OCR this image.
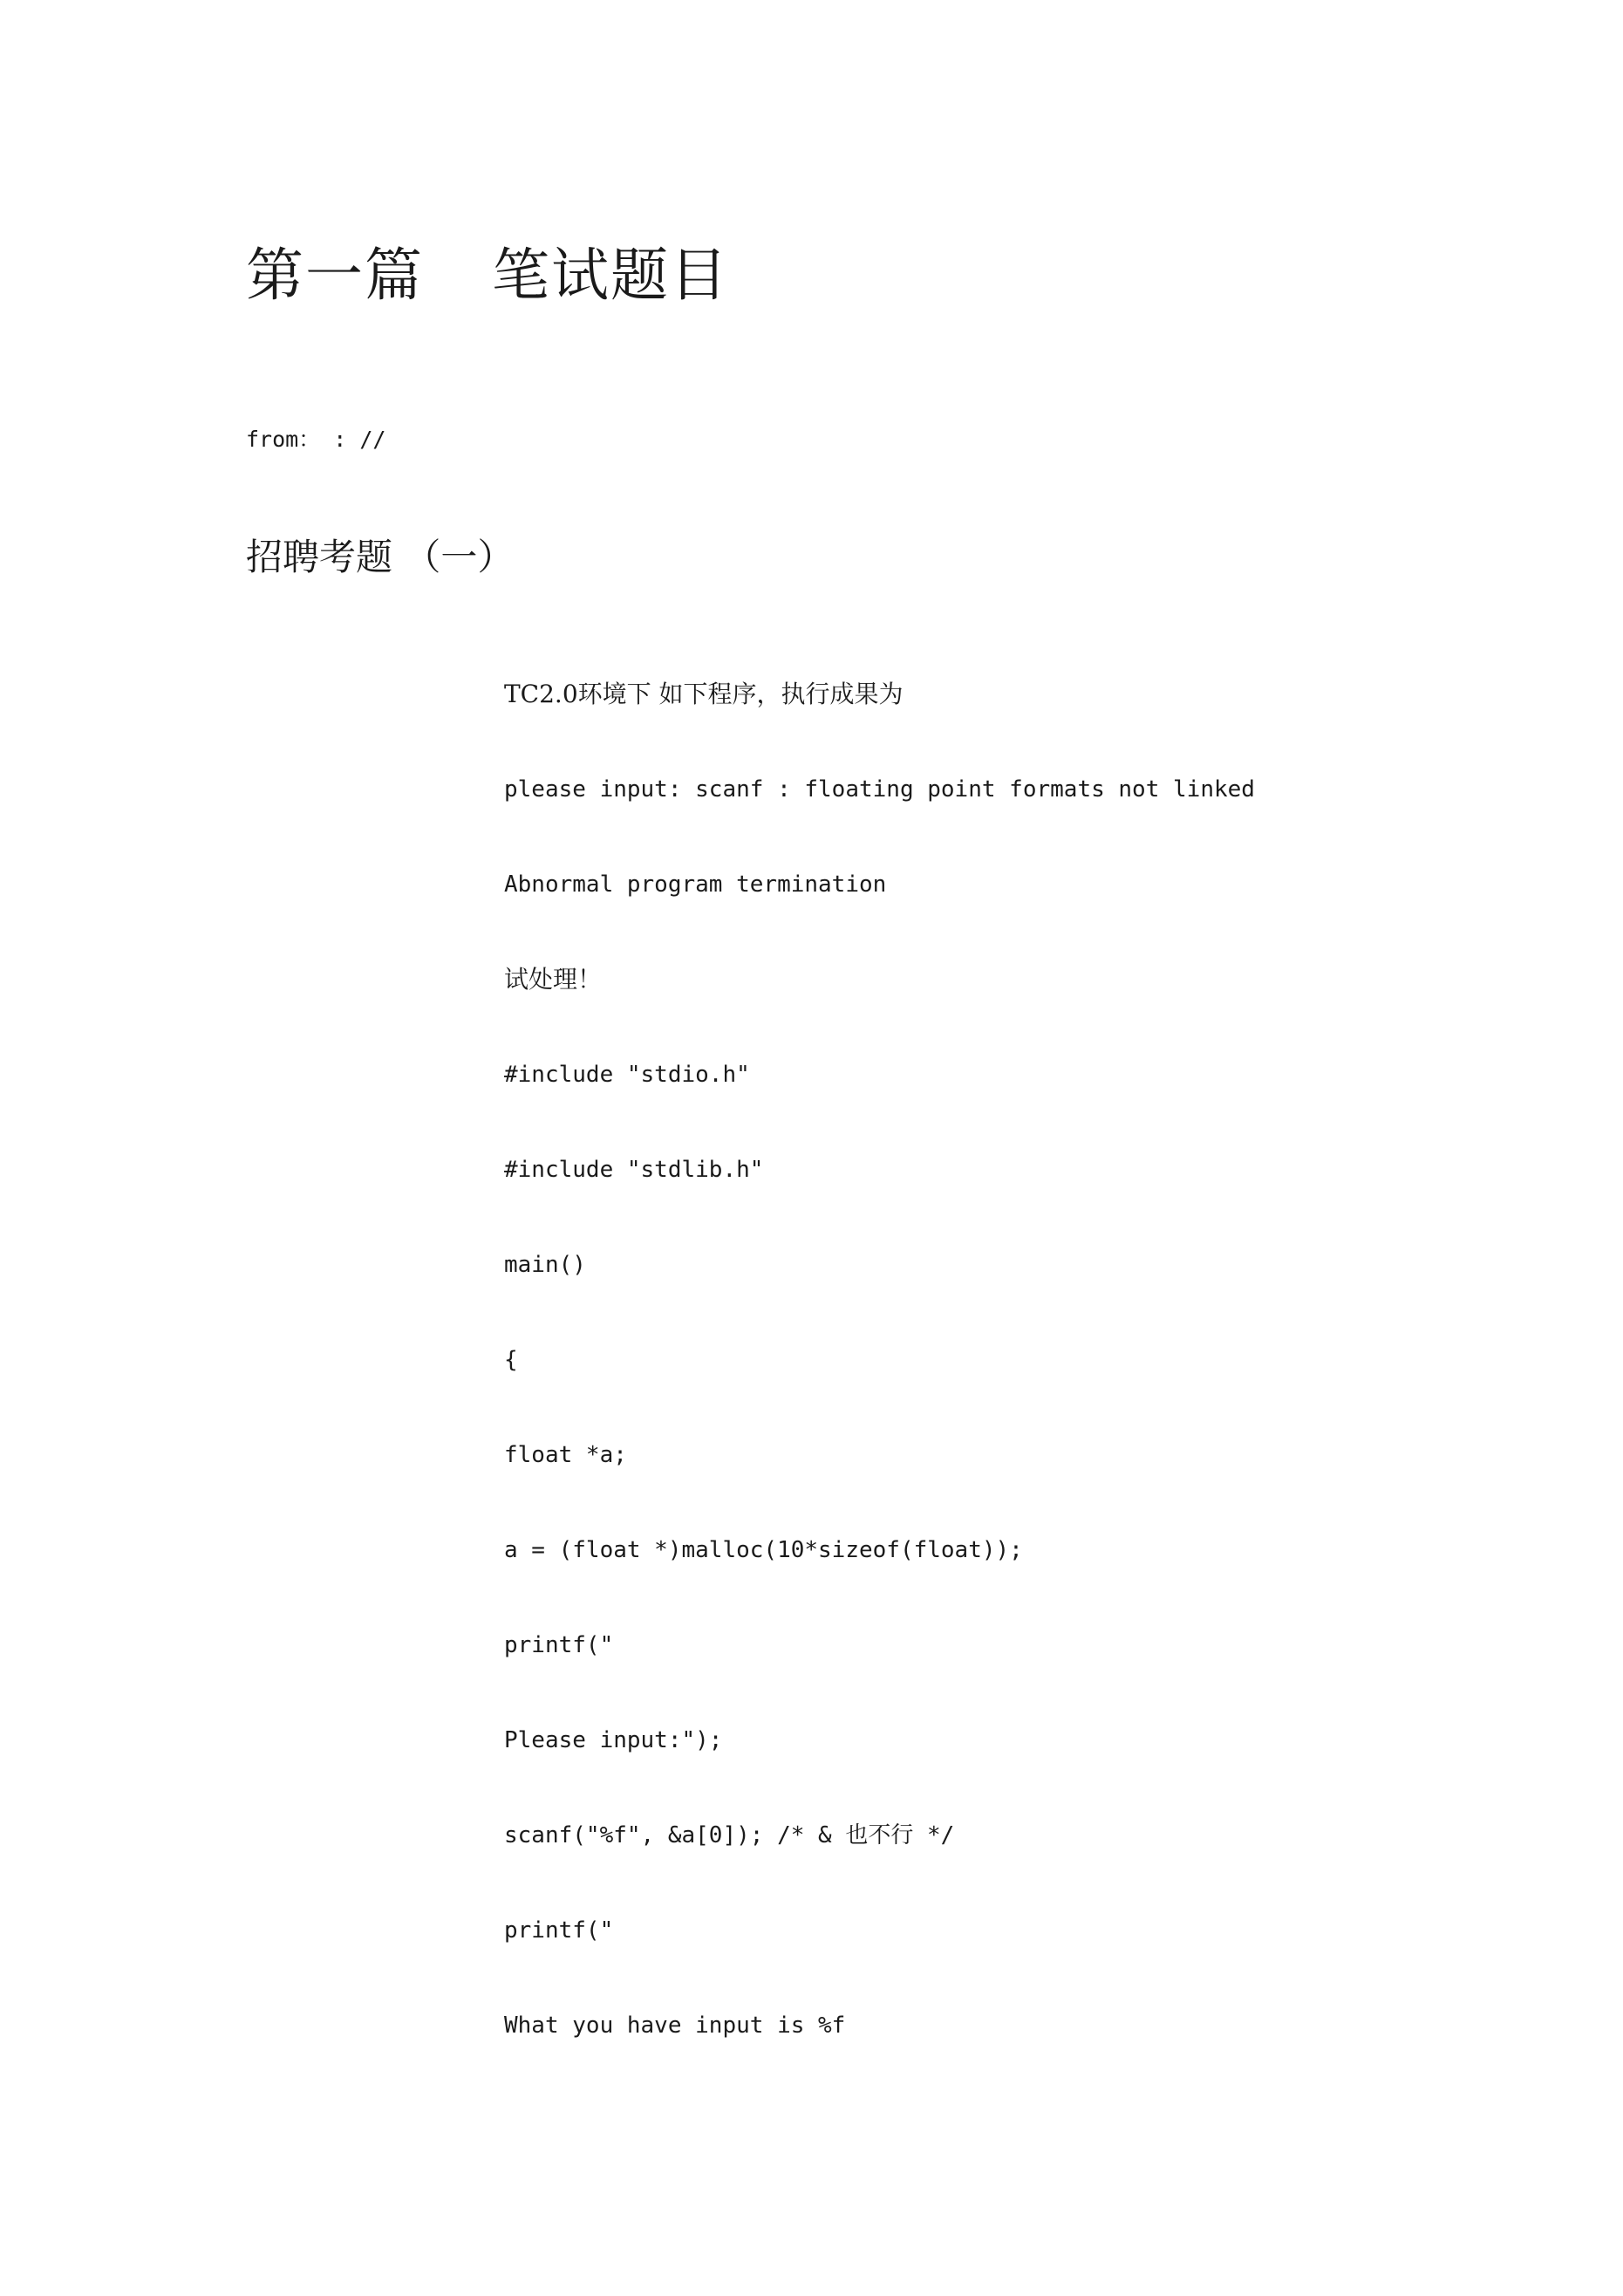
第一篇 笔试题目
from： : //
招聘考题 （一）
TC2.0环境下 如下程序，执行成果为
please input: scanf : floating point formats not linked
Abnormal program termination
试处理！
#include "stdio.h"
#include "stdlib.h"
main()
{
float *a;
a = (float *)malloc(10*sizeof(float));
printf("
Please input:");
scanf("%f", &a[0]); /* & 也不行 */
printf("
What you have input is %f
